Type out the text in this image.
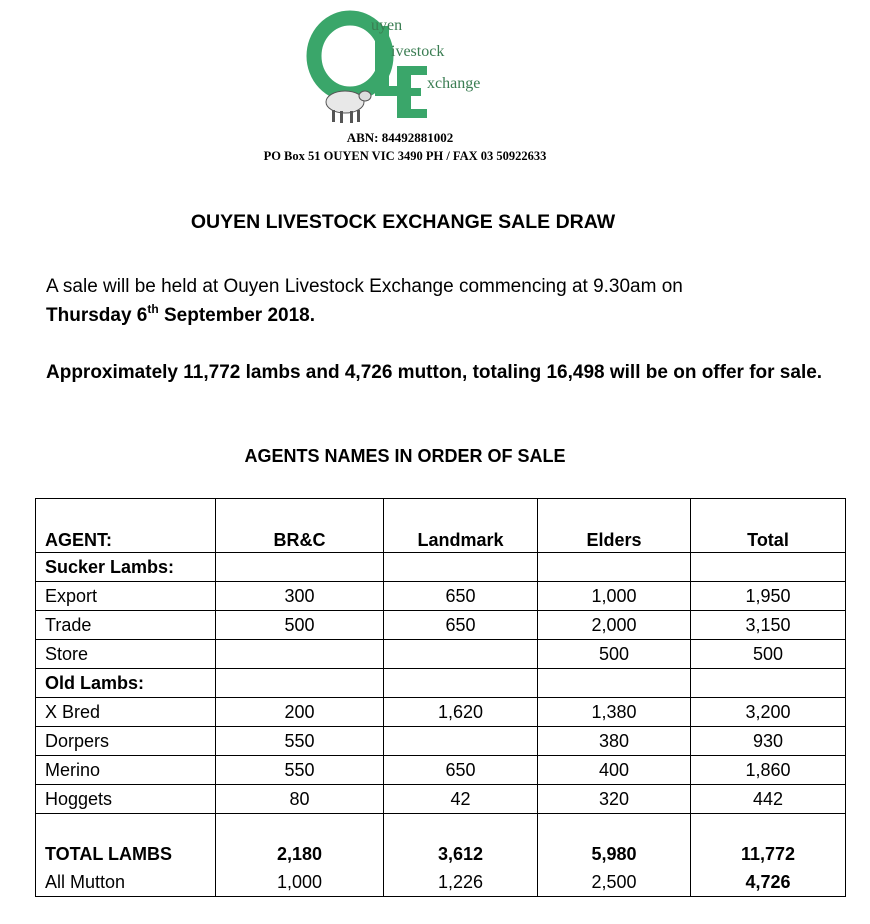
uyen
ivestock
xchange
ABN: 84492881002
PO Box 51 OUYEN VIC 3490 PH / FAX 03 50922633
OUYEN LIVESTOCK EXCHANGE SALE DRAW
A sale will be held at Ouyen Livestock Exchange commencing at 9.30am on
Thursday 6th September 2018.
Approximately 11,772 lambs and 4,726 mutton, totaling 16,498 will be on offer for sale.
AGENTS NAMES IN ORDER OF SALE
AGENT:	BR&C	Landmark	Elders	Total
Sucker Lambs:				
Export	300	650	1,000	1,950
Trade	500	650	2,000	3,150
Store			500	500
Old Lambs:				
X Bred	200	1,620	1,380	3,200
Dorpers	550		380	930
Merino	550	650	400	1,860
Hoggets	80	42	320	442

TOTAL LAMBS	2,180	3,612	5,980	11,772
All Mutton	1,000	1,226	2,500	4,726
